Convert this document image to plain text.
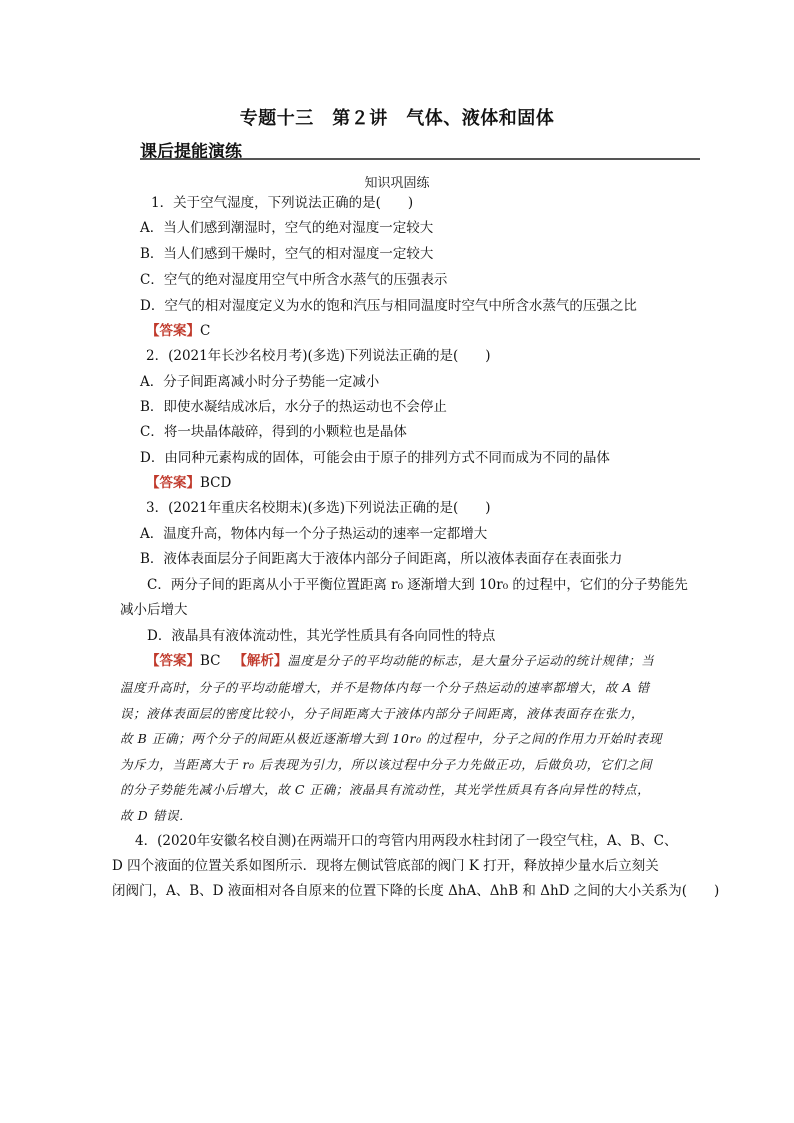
专题十三　第２讲　气体、液体和固体
课后提能演练
知识巩固练
1．关于空气湿度，下列说法正确的是(　　)
A．当人们感到潮湿时，空气的绝对湿度一定较大
B．当人们感到干燥时，空气的相对湿度一定较大
C．空气的绝对湿度用空气中所含水蒸气的压强表示
D．空气的相对湿度定义为水的饱和汽压与相同温度时空气中所含水蒸气的压强之比
【答案】C
2．(2021年长沙名校月考)(多选)下列说法正确的是(　　)
A．分子间距离减小时分子势能一定减小
B．即使水凝结成冰后，水分子的热运动也不会停止
C．将一块晶体敲碎，得到的小颗粒也是晶体
D．由同种元素构成的固体，可能会由于原子的排列方式不同而成为不同的晶体
【答案】BCD
3．(2021年重庆名校期末)(多选)下列说法正确的是(　　)
A．温度升高，物体内每一个分子热运动的速率一定都增大
B．液体表面层分子间距离大于液体内部分子间距离，所以液体表面存在表面张力
C．两分子间的距离从小于平衡位置距离 r₀ 逐渐增大到 10r₀ 的过程中，它们的分子势能先
减小后增大
D．液晶具有液体流动性，其光学性质具有各向同性的特点
【答案】BC 【解析】温度是分子的平均动能的标志，是大量分子运动的统计规律；当
温度升高时，分子的平均动能增大，并不是物体内每一个分子热运动的速率都增大，故 A 错
误；液体表面层的密度比较小，分子间距离大于液体内部分子间距离，液体表面存在张力，
故 B 正确；两个分子的间距从极近逐渐增大到 10r₀ 的过程中，分子之间的作用力开始时表现
为斥力，当距离大于 r₀ 后表现为引力，所以该过程中分子力先做正功，后做负功，它们之间
的分子势能先减小后增大，故 C 正确；液晶具有流动性，其光学性质具有各向异性的特点，
故 D 错误．
4．(2020年安徽名校自测)在两端开口的弯管内用两段水柱封闭了一段空气柱，A、B、C、
D 四个液面的位置关系如图所示．现将左侧试管底部的阀门 K 打开，释放掉少量水后立刻关
闭阀门，A、B、D 液面相对各自原来的位置下降的长度 ΔhA、ΔhB 和 ΔhD 之间的大小关系为(　　)
